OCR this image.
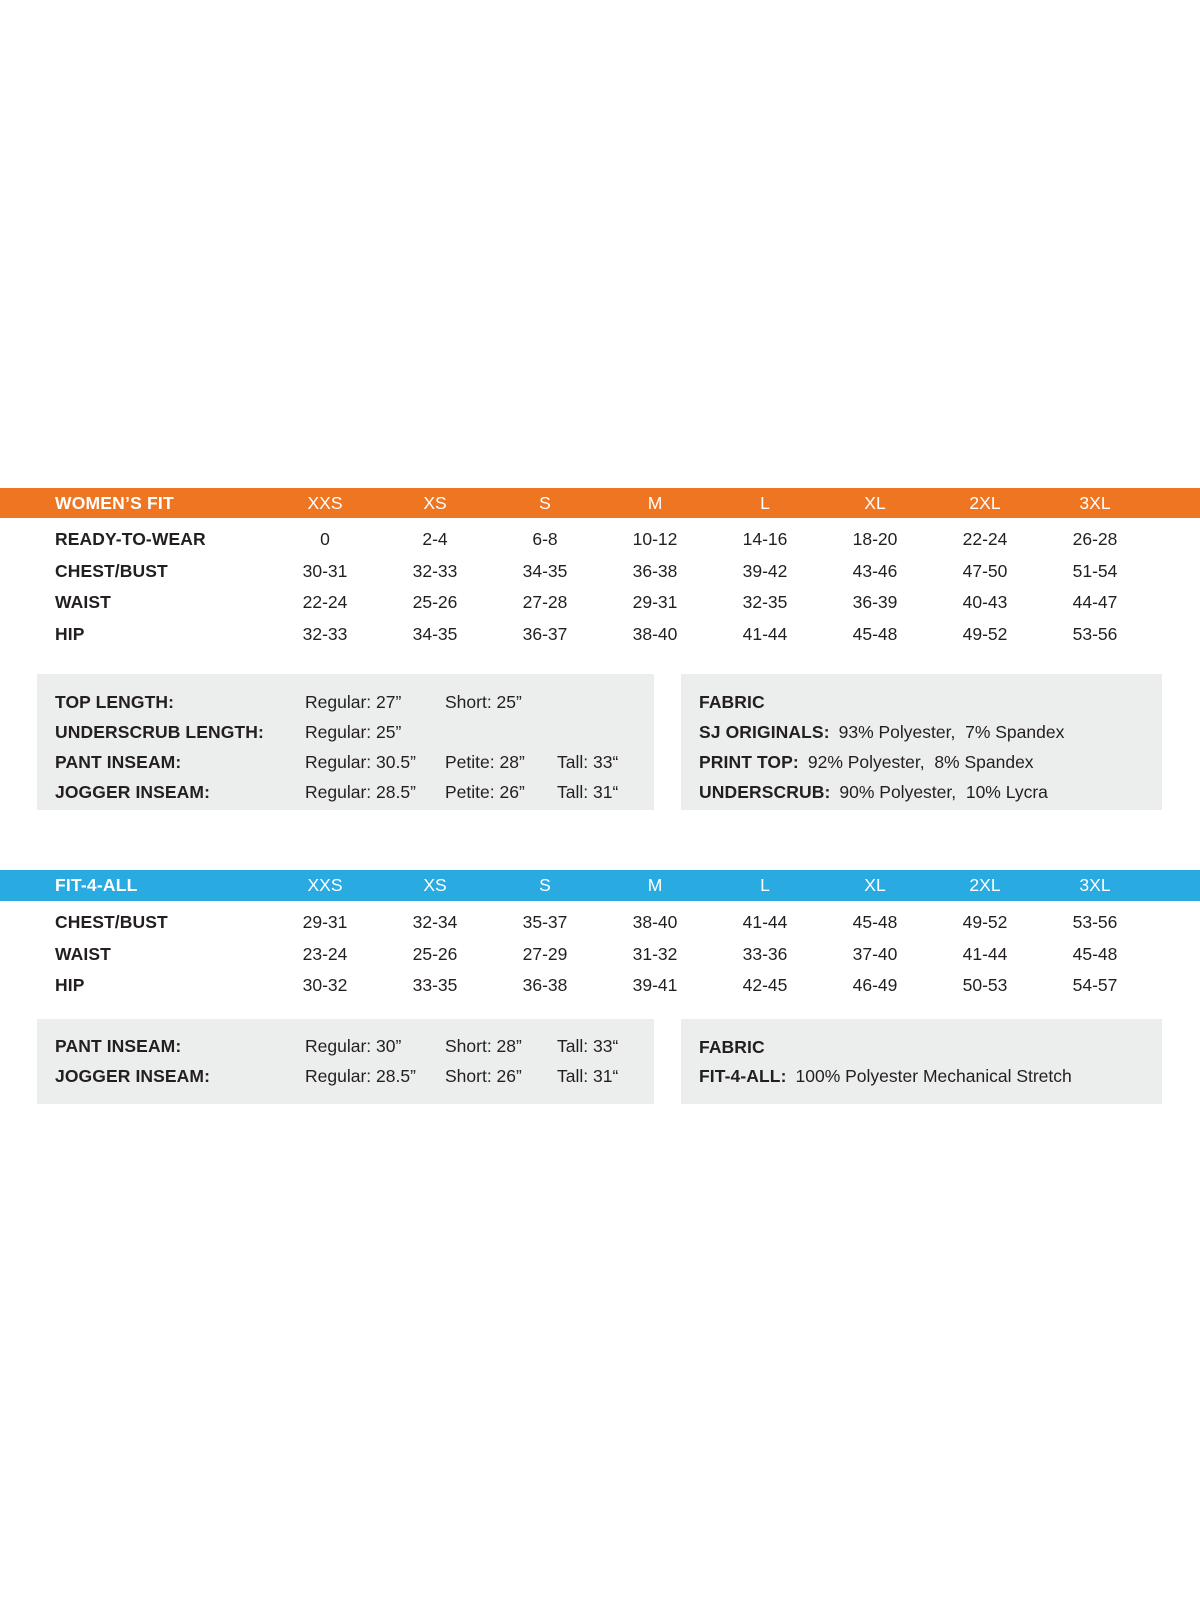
WOMEN’S FIT	XXS	XS	S	M	L	XL	2XL	3XL
READY-TO-WEAR	0	2-4	6-8	10-12	14-16	18-20	22-24	26-28
CHEST/BUST	30-31	32-33	34-35	36-38	39-42	43-46	47-50	51-54
WAIST	22-24	25-26	27-28	29-31	32-35	36-39	40-43	44-47
HIP	32-33	34-35	36-37	38-40	41-44	45-48	49-52	53-56
TOP LENGTH:	Regular: 27”	Short: 25”
UNDERSCRUB LENGTH:	Regular: 25”
PANT INSEAM:	Regular: 30.5”	Petite: 28”	Tall: 33“
JOGGER INSEAM:	Regular: 28.5”	Petite: 26”	Tall: 31“
FABRIC
SJ ORIGINALS: 93% Polyester,  7% Spandex
PRINT TOP: 92% Polyester,  8% Spandex
UNDERSCRUB: 90% Polyester,  10% Lycra
FIT-4-ALL	XXS	XS	S	M	L	XL	2XL	3XL
CHEST/BUST	29-31	32-34	35-37	38-40	41-44	45-48	49-52	53-56
WAIST	23-24	25-26	27-29	31-32	33-36	37-40	41-44	45-48
HIP	30-32	33-35	36-38	39-41	42-45	46-49	50-53	54-57
PANT INSEAM:	Regular: 30”	Short: 28”	Tall: 33“
JOGGER INSEAM:	Regular: 28.5”	Short: 26”	Tall: 31“
FABRIC
FIT-4-ALL: 100% Polyester Mechanical Stretch
